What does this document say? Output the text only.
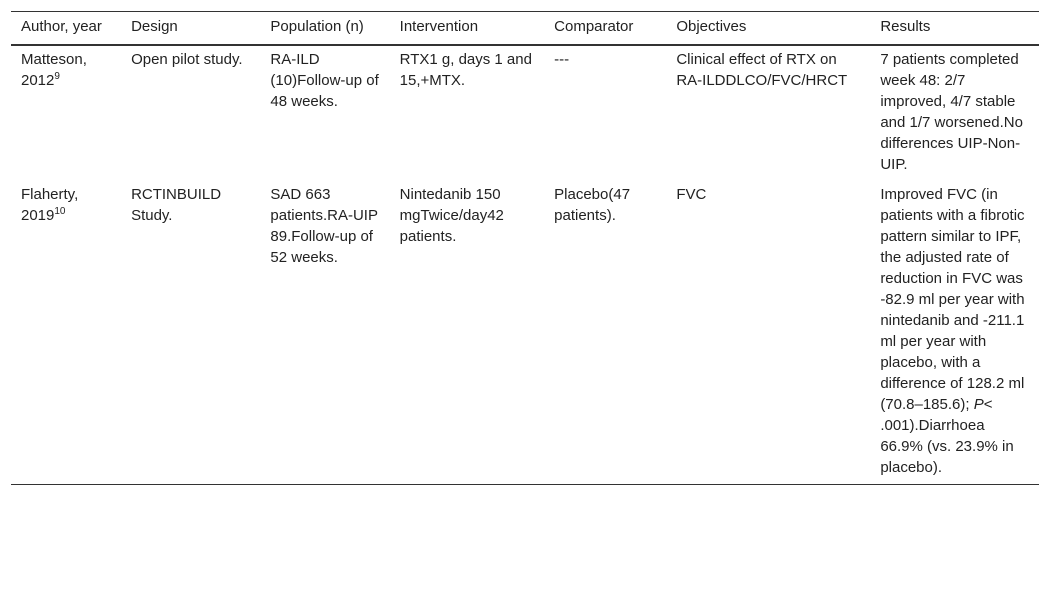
Author, year	Design	Population (n)	Intervention	Comparator	Objectives	Results
Matteson, 2012$^9$	Open pilot study.	RA-ILD (10)Follow-up of 48 weeks.	RTX1 g, days 1 and 15,+MTX.	---	Clinical effect of RTX on RA-ILDDLCO/FVC/HRCT	7 patients completed week 48: 2/7 improved, 4/7 stable and 1/7 worsened.No differences UIP-Non-UIP.
Flaherty, 2019$^{10}$	RCTINBUILD Study.	SAD 663 patients.RA-UIP 89.Follow-up of 52 weeks.	Nintedanib 150 mgTwice/day42 patients.	Placebo(47 patients).	FVC	Improved FVC (in patients with a fibrotic pattern similar to IPF, the adjusted rate of reduction in FVC was -82.9 ml per year with nintedanib and -211.1 ml per year with placebo, with a difference of 128.2 ml (70.8–185.6); P< .001).Diarrhoea 66.9% (vs. 23.9% in placebo).
